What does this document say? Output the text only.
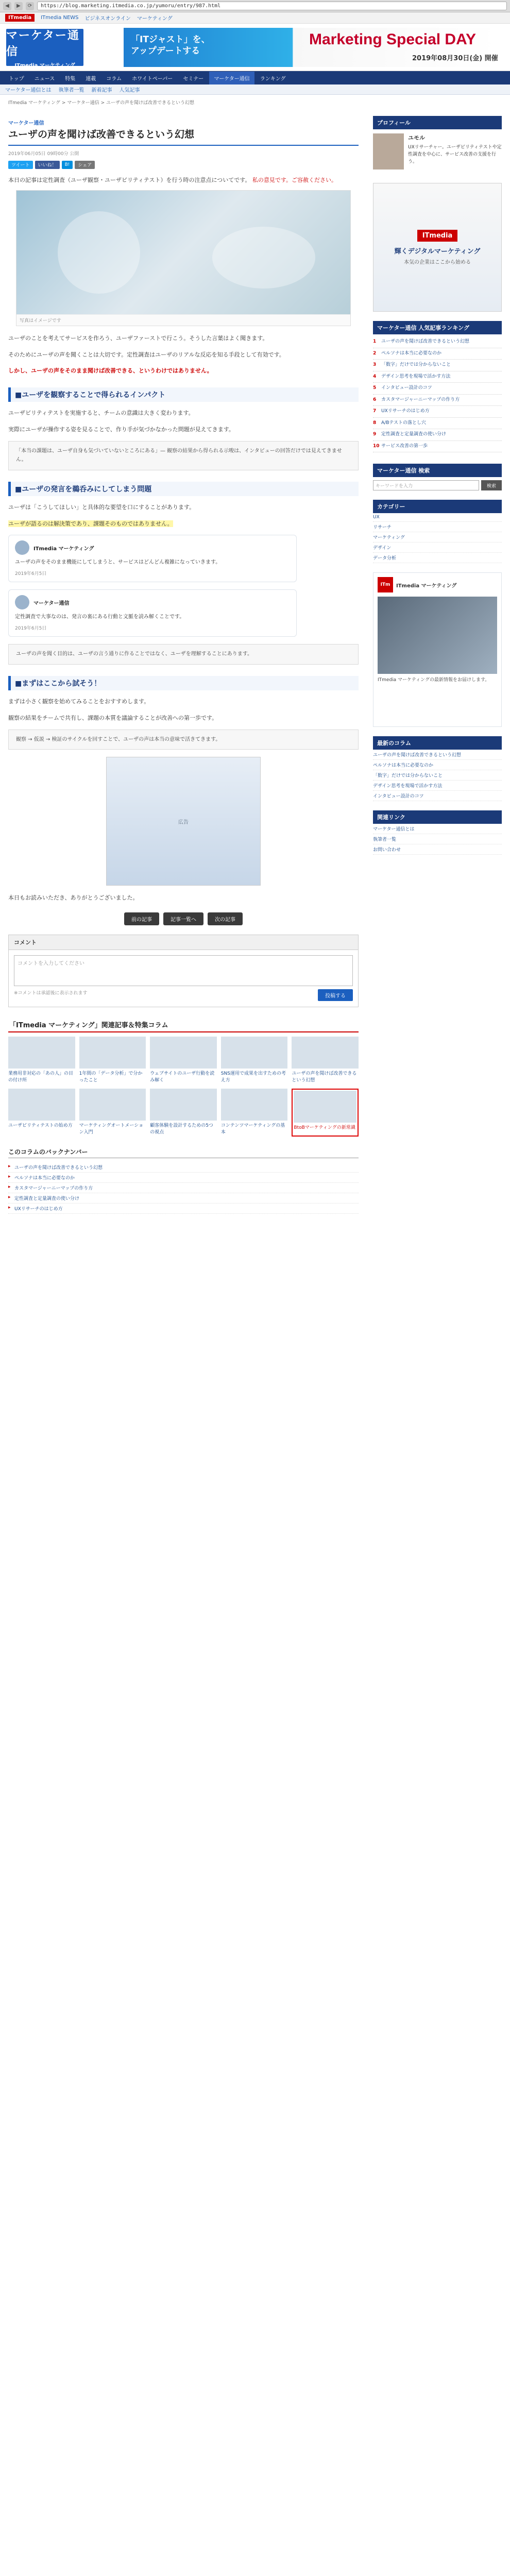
◀	▶	⟳	https://blog.marketing.itmedia.co.jp/yumoru/entry/987.html
ITmedia	ITmedia NEWS ビジネスオンライン マーケティング
マーケター通信
ITmedia マーケティング
「ITジャスト」を、
アップデートする
Marketing Special DAY
2019年08月30日(金) 開催
トップ	ニュース	特集	連載	コラム	ホワイトペーパー	セミナー	マーケター通信	ランキング
マーケター通信とは 執筆者一覧 新着記事 人気記事
ITmedia マーケティング > マーケター通信 > ユーザの声を聞けば改善できるという幻想
マーケター通信
ユーザの声を聞けば改善できるという幻想
2019年06月05日 09時00分 公開
ツイート	いいね！	B!	シェア

本日の記事は定性調査（ユーザ観察・ユーザビリティテスト）を行う時の注意点についてです。 私の意見です。ご容赦ください。

写真はイメージです

ユーザのことを考えてサービスを作ろう、ユーザファーストで行こう。そうした言葉はよく聞きます。

そのためにユーザの声を聞くことは大切です。定性調査はユーザのリアルな反応を知る手段として有効です。

しかし、ユーザの声をそのまま聞けば改善できる、というわけではありません。

■ユーザを観察することで得られるインパクト

ユーザビリティテストを実施すると、チームの意識は大きく変わります。

実際にユーザが操作する姿を見ることで、作り手が気づかなかった問題が見えてきます。

「本当の課題は、ユーザ自身も気づいていないところにある」— 観察の結果から得られる示唆は、インタビューの回答だけでは見えてきません。
■ユーザの発言を鵜呑みにしてしまう問題

ユーザは「こうしてほしい」と具体的な要望を口にすることがあります。

ユーザが語るのは解決策であり、課題そのものではありません。

ITmedia マーケティング
ユーザの声をそのまま機能にしてしまうと、サービスはどんどん複雑になっていきます。
2019年6月5日
マーケター通信
定性調査で大事なのは、発言の裏にある行動と文脈を読み解くことです。
2019年6月5日
ユーザの声を聞く目的は、ユーザの言う通りに作ることではなく、ユーザを理解することにあります。
■まずはここから試そう！

まずは小さく観察を始めてみることをおすすめします。

観察の結果をチームで共有し、課題の本質を議論することが改善への第一歩です。

観察 → 仮説 → 検証のサイクルを回すことで、ユーザの声は本当の意味で活きてきます。
広告

本日もお読みいただき、ありがとうございました。

前の記事	記事一覧へ	次の記事
コメント
コメントを入力してください
※コメントは承認後に表示されます	投稿する
「ITmedia マーケティング」関連記事＆特集コラム
業務用非対応の「あの人」の目の付け所
1年間の「データ分析」で分かったこと
ウェブサイトのユーザ行動を読み解く
SNS運用で成果を出すための考え方
ユーザの声を聞けば改善できるという幻想
ユーザビリティテストの始め方	マーケティングオートメーション入門
顧客体験を設計するための5つの視点
コンテンツマーケティングの基本
BtoBマーケティングの新常識
このコラムのバックナンバー
▸ ユーザの声を聞けば改善できるという幻想
▸ ペルソナは本当に必要なのか
▸ カスタマージャーニーマップの作り方
▸ 定性調査と定量調査の使い分け
▸ UXリサーチのはじめ方
プロフィール
ユモル
UXリサーチャー。ユーザビリティテストや定性調査を中心に、サービス改善の支援を行う。
ITmedia
輝くデジタルマーケティング
本気の企業はここから始める
マーケター通信 人気記事ランキング
1 ユーザの声を聞けば改善できるという幻想
2 ペルソナは本当に必要なのか
3 「数字」だけでは分からないこと
4 デザイン思考を現場で活かす方法
5 インタビュー設計のコツ
6 カスタマージャーニーマップの作り方
7 UXリサーチのはじめ方
8 A/Bテストの落とし穴
9 定性調査と定量調査の使い分け
10 サービス改善の第一歩
マーケター通信 検索
キーワードを入力	検索
カテゴリー
UX
リサーチ
マーケティング
デザイン
データ分析
ITm	ITmedia マーケティング
ITmedia マーケティングの最新情報をお届けします。
最新のコラム
ユーザの声を聞けば改善できるという幻想
ペルソナは本当に必要なのか
「数字」だけでは分からないこと
デザイン思考を現場で活かす方法
インタビュー設計のコツ
関連リンク
マーケター通信とは
執筆者一覧
お問い合わせ
